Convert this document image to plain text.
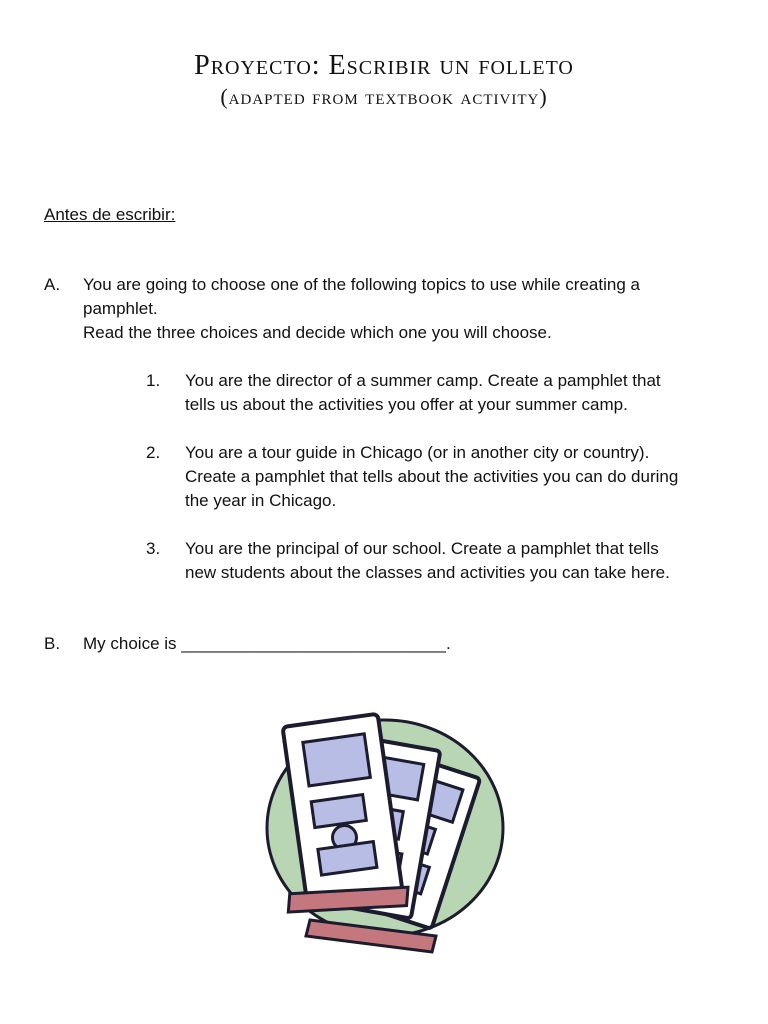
Proyecto: Escribir un folleto
(adapted from textbook activity)
Antes de escribir:
A. You are going to choose one of the following topics to use while creating a
pamphlet.
Read the three choices and decide which one you will choose.
1. You are the director of a summer camp. Create a pamphlet that
tells us about the activities you offer at your summer camp.
2. You are a tour guide in Chicago (or in another city or country).
Create a pamphlet that tells about the activities you can do during
the year in Chicago.
3. You are the principal of our school. Create a pamphlet that tells
new students about the classes and activities you can take here.
B. My choice is ____________________________.
